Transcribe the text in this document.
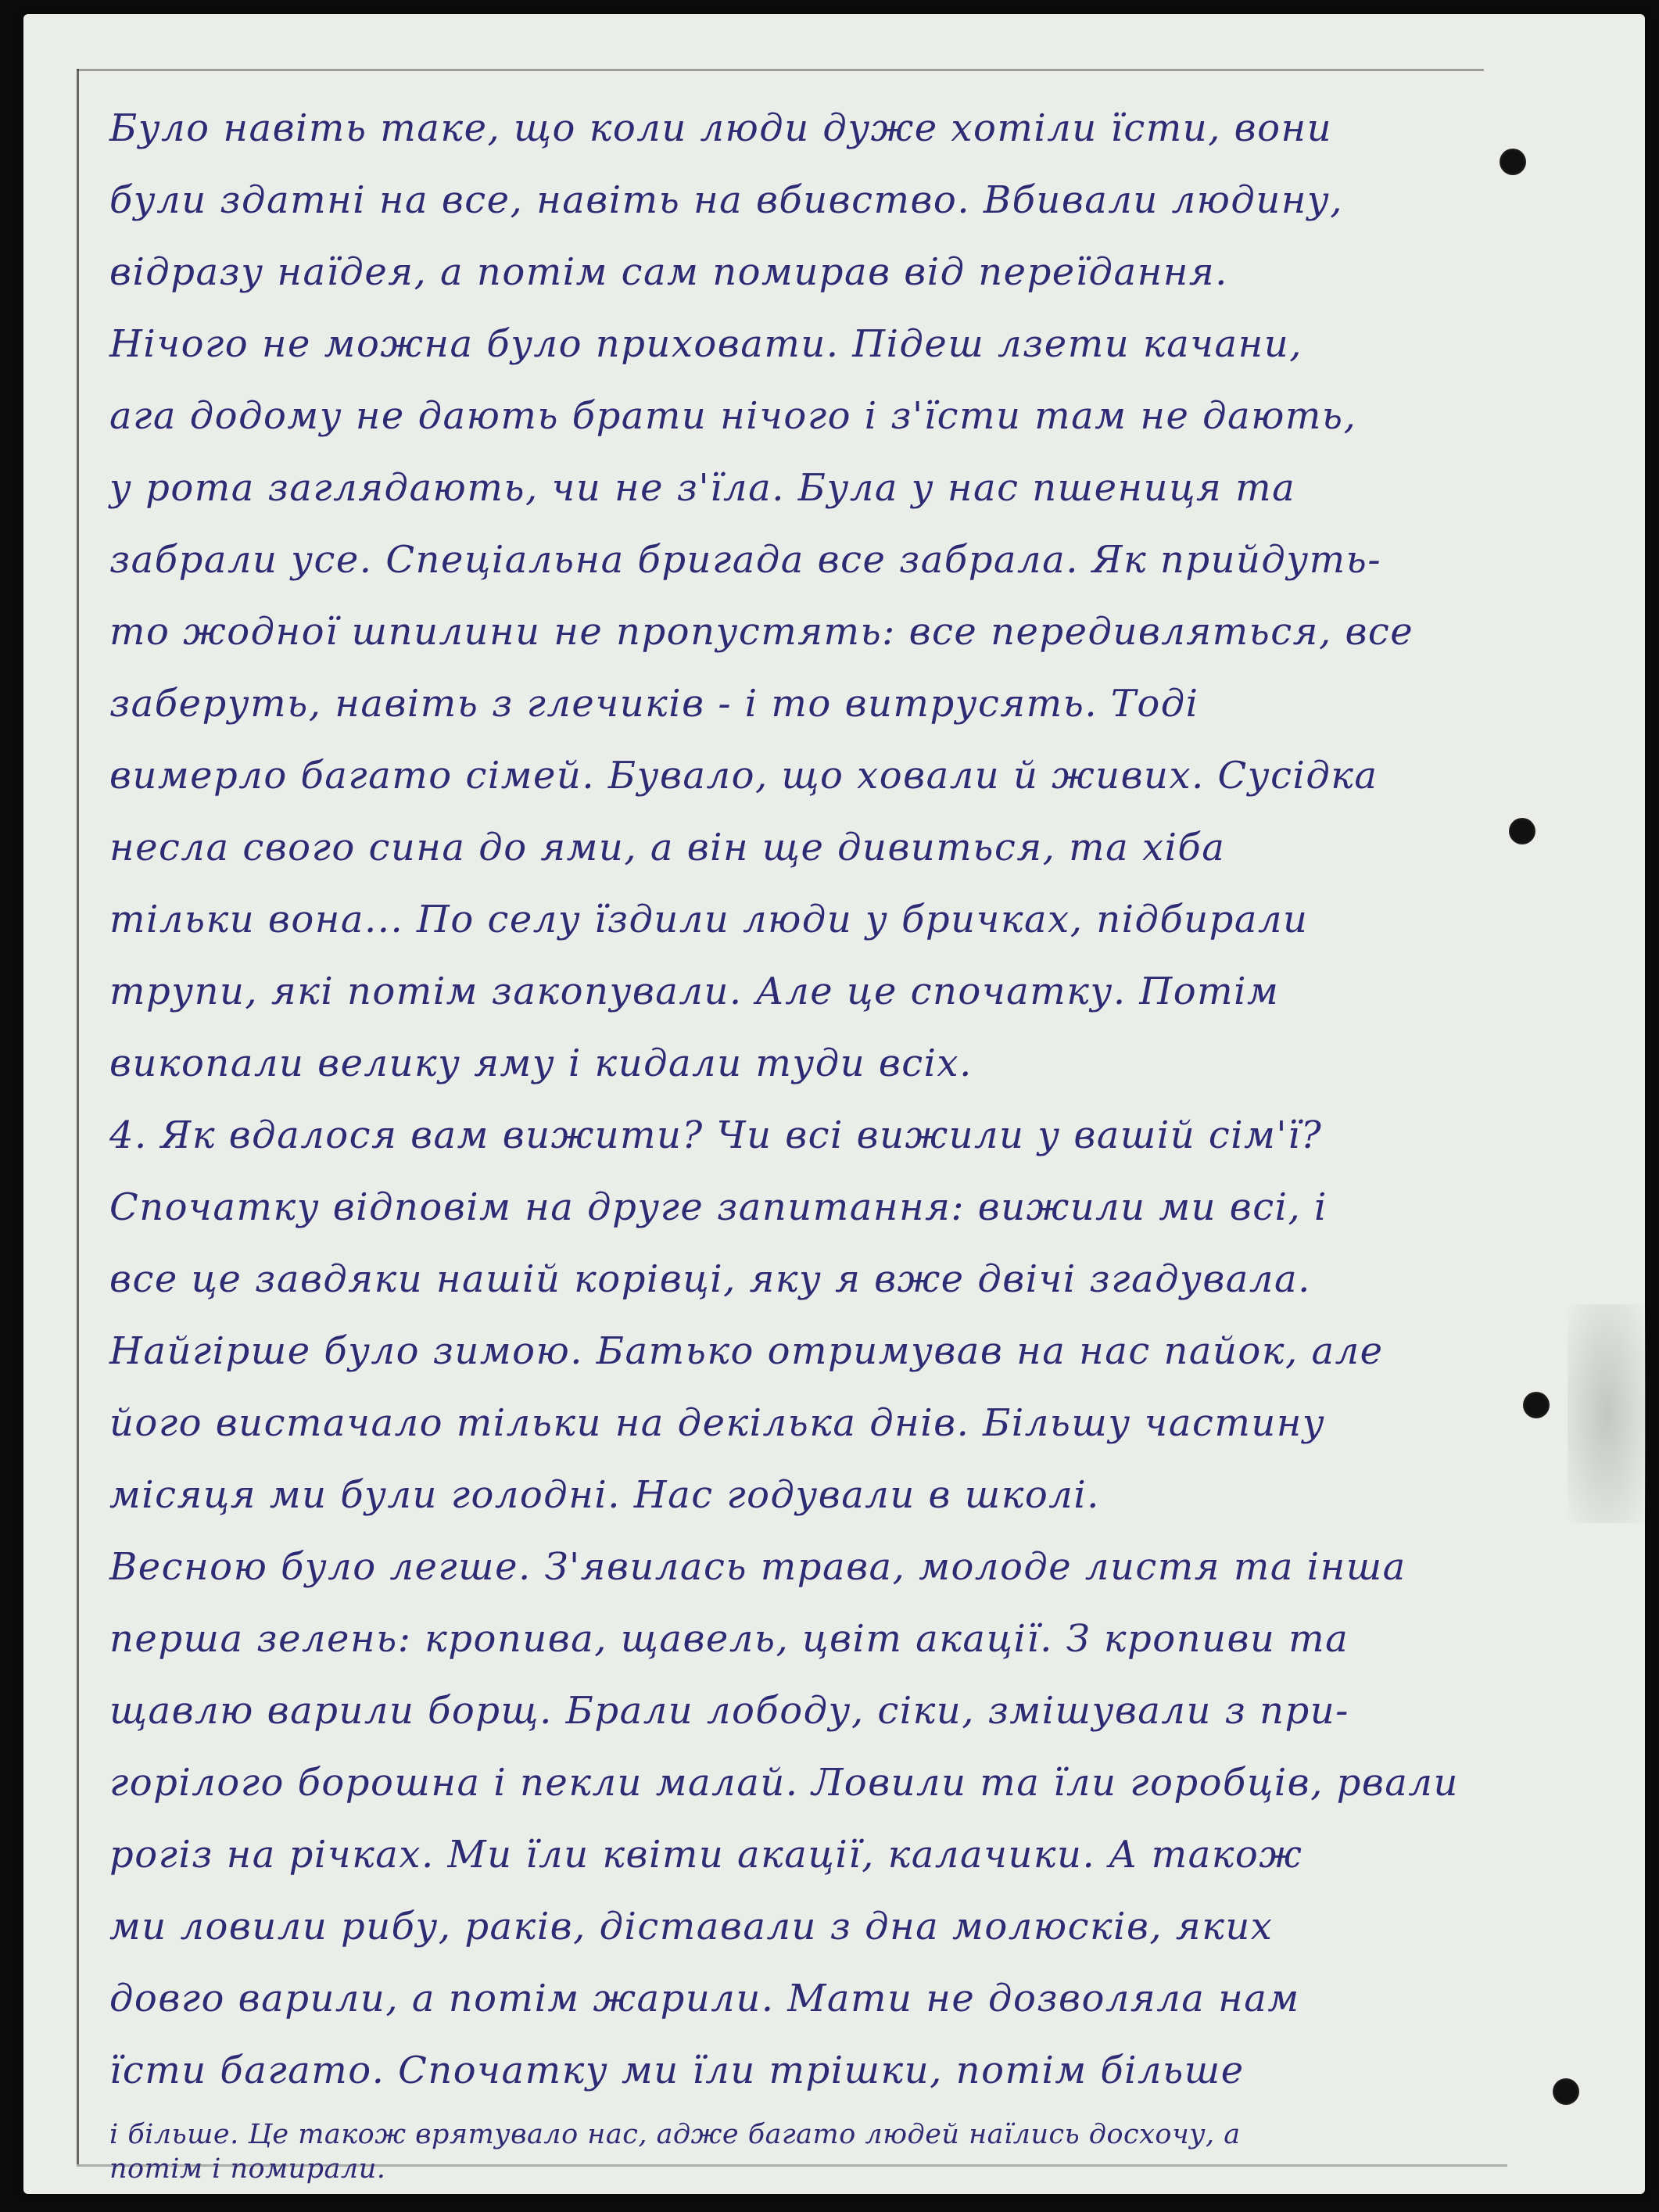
Було навіть таке, що коли люди дуже хотіли їсти, вони
були здатні на все, навіть на вбивство. Вбивали людину,
відразу наїдея, а потім сам помирав від переїдання.
Нічого не можна було приховати. Підеш лзети качани,
ага додому не дають брати нічого і з'їсти там не дають,
у рота заглядають, чи не з'їла. Була у нас пшениця та
забрали усе. Спеціальна бригада все забрала. Як прийдуть-
то жодної шпилини не пропустять: все передивляться, все
заберуть, навіть з глечиків - і то витрусять. Тоді
вимерло багато сімей. Бувало, що ховали й живих. Сусідка
несла свого сина до ями, а він ще дивиться, та хіба
тільки вона... По селу їздили люди у бричках, підбирали
трупи, які потім закопували. Але це спочатку. Потім
викопали велику яму і кидали туди всіх.
4. Як вдалося вам вижити? Чи всі вижили у вашій сім'ї?
Спочатку відповім на друге запитання: вижили ми всі, і
все це завдяки нашій корівці, яку я вже двічі згадувала.
Найгірше було зимою. Батько отримував на нас пайок, але
його вистачало тільки на декілька днів. Більшу частину
місяця ми були голодні. Нас годували в школі.
Весною було легше. З'явилась трава, молоде листя та інша
перша зелень: кропива, щавель, цвіт акації. З кропиви та
щавлю варили борщ. Брали лободу, сіки, змішували з при-
горілого борошна і пекли малай. Ловили та їли горобців, рвали
рогіз на річках. Ми їли квіти акації, калачики. А також
ми ловили рибу, раків, діставали з дна молюсків, яких
довго варили, а потім жарили. Мати не дозволяла нам
їсти багато. Спочатку ми їли трішки, потім більше
і більше. Це також врятувало нас, адже багато людей наїлись досхочу, а
потім і помирали.
